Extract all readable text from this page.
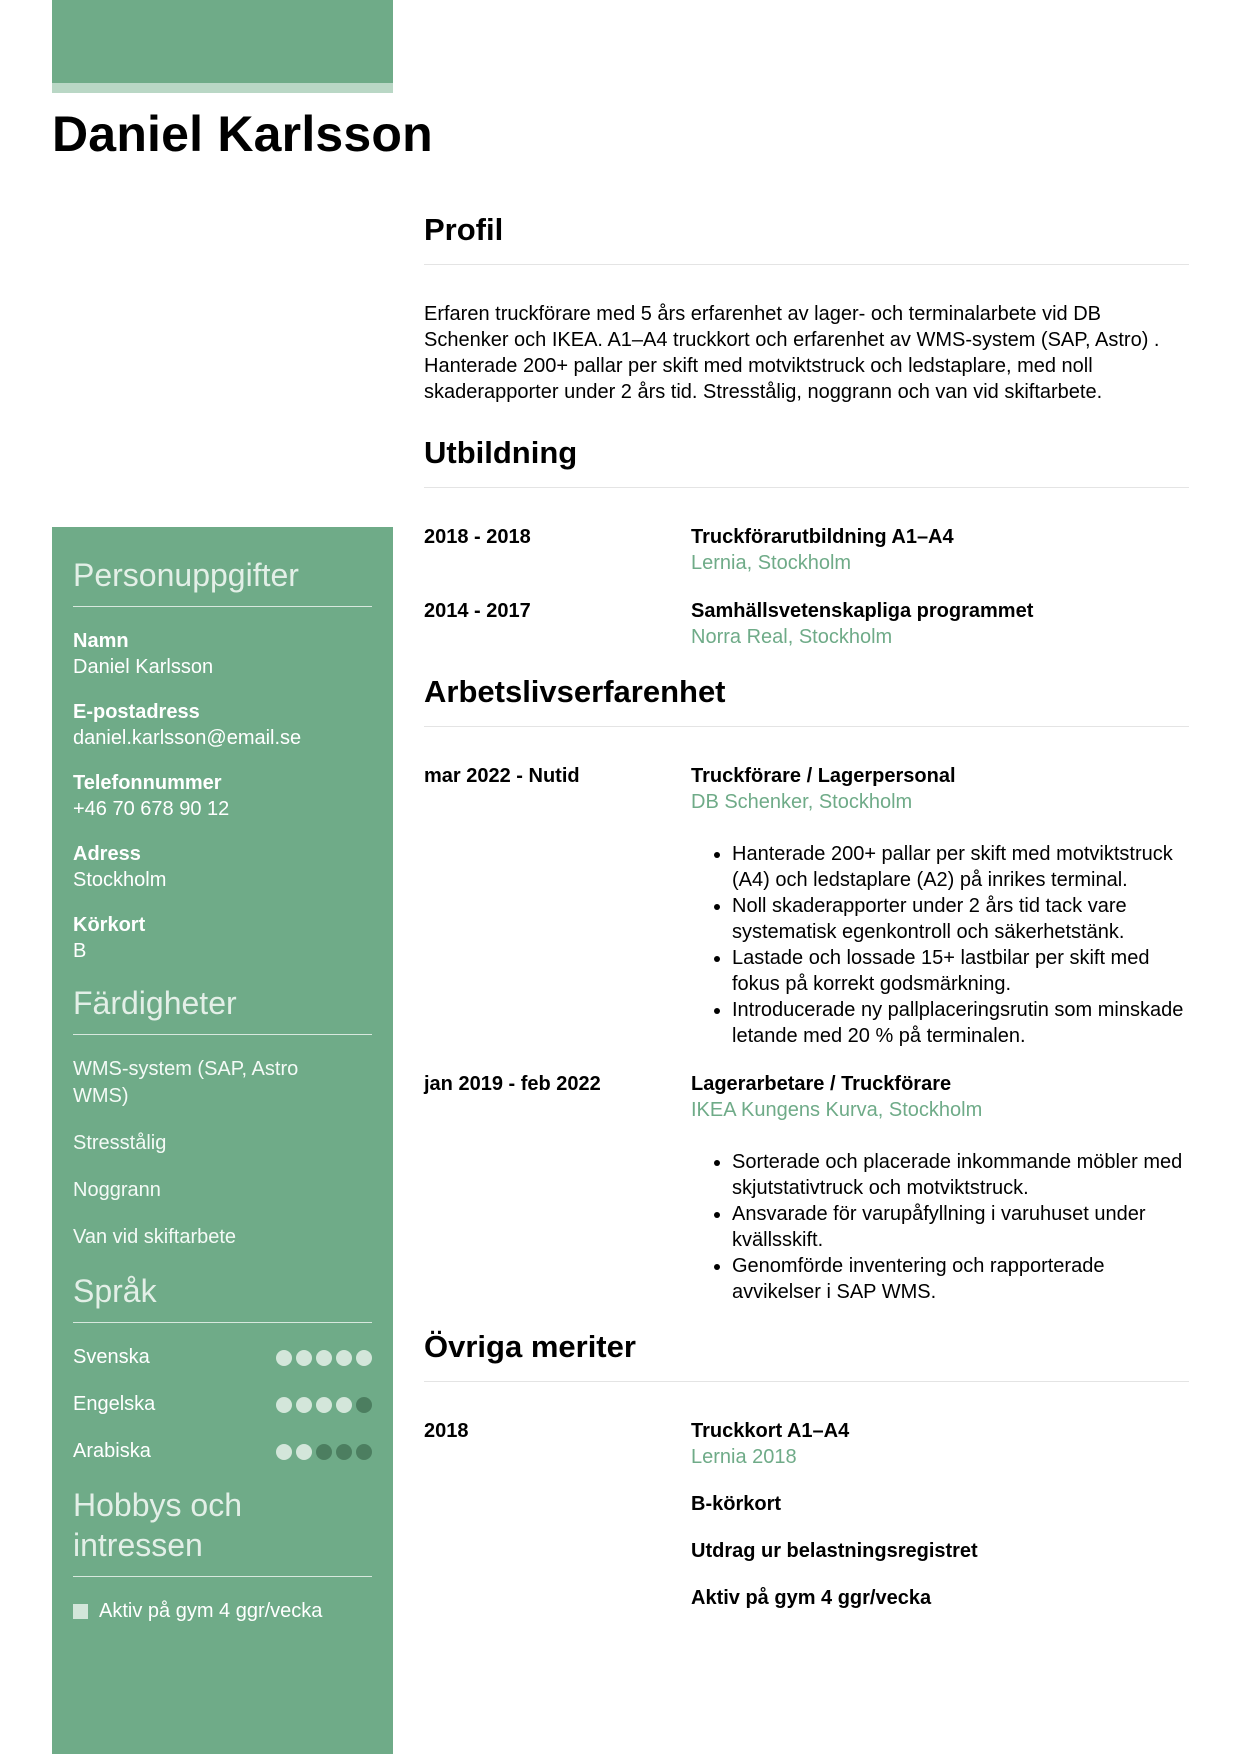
Daniel Karlsson
Personuppgifter
Namn
Daniel Karlsson
E-postadress
daniel.karlsson@email.se
Telefonnummer
+46 70 678 90 12
Adress
Stockholm
Körkort
B
Färdigheter
WMS-system (SAP, Astro WMS)
Stresstålig
Noggrann
Van vid skiftarbete
Språk
Svenska
Engelska
Arabiska
Hobbys och intressen
Aktiv på gym 4 ggr/vecka
Profil

Erfaren truckförare med 5 års erfarenhet av lager- och terminalarbete vid DB Schenker och IKEA. A1–A4 truckkort och erfarenhet av WMS-system (SAP, Astro) . Hanterade 200+ pallar per skift med motviktstruck och ledstaplare, med noll skaderapporter under 2 års tid. Stresstålig, noggrann och van vid skiftarbete.

Utbildning
2018 - 2018	Truckförarutbildning A1–A4
Lernia, Stockholm
2014 - 2017	Samhällsvetenskapliga programmet
Norra Real, Stockholm
Arbetslivserfarenhet
mar 2022 - Nutid	Truckförare / Lagerpersonal
DB Schenker, Stockholm
• Hanterade 200+ pallar per skift med motviktstruck (A4) och ledstaplare (A2) på inrikes terminal.
• Noll skaderapporter under 2 års tid tack vare systematisk egenkontroll och säkerhetstänk.
• Lastade och lossade 15+ lastbilar per skift med fokus på korrekt godsmärkning.
• Introducerade ny pallplaceringsrutin som minskade letande med 20 % på terminalen.
jan 2019 - feb 2022	Lagerarbetare / Truckförare
IKEA Kungens Kurva, Stockholm
• Sorterade och placerade inkommande möbler med skjutstativtruck och motviktstruck.
• Ansvarade för varupåfyllning i varuhuset under kvällsskift.
• Genomförde inventering och rapporterade avvikelser i SAP WMS.
Övriga meriter
2018	Truckkort A1–A4
Lernia 2018
B-körkort
Utdrag ur belastningsregistret
Aktiv på gym 4 ggr/vecka
